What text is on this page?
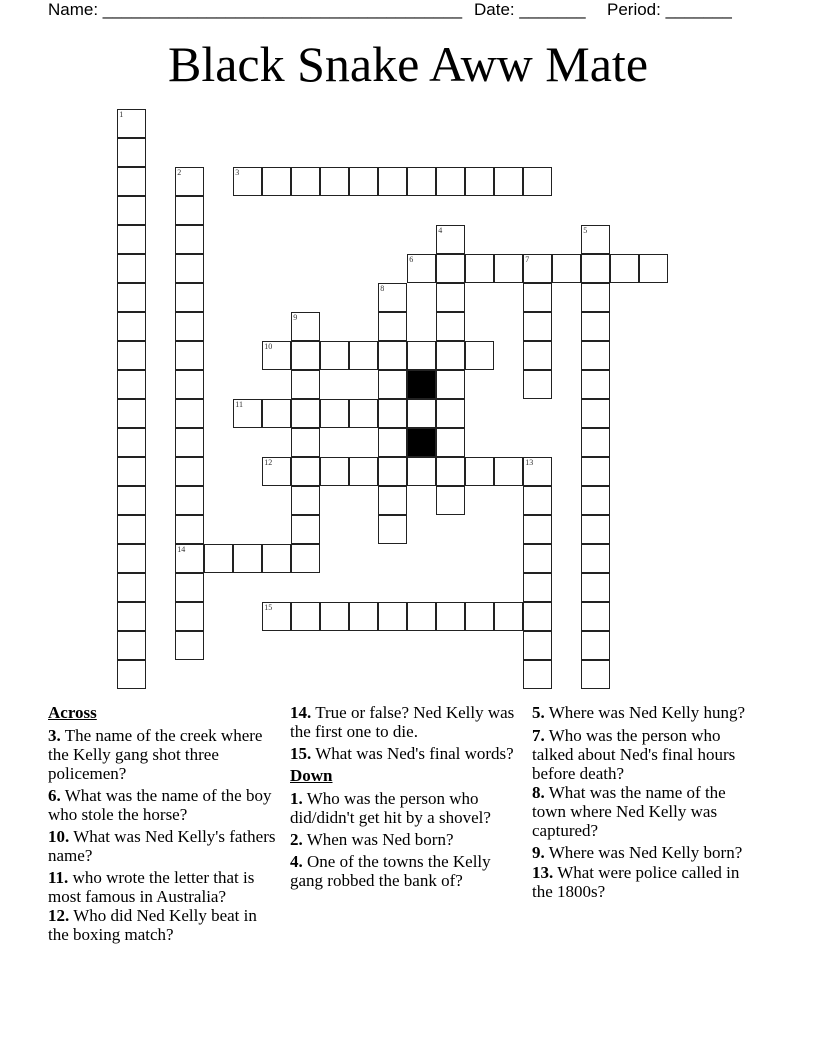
Name: ______________________________________ Date: _______ Period: _______
Black Snake Aww Mate
1
2
14
3
4	5
6	7
8
9
10
11
12	13
15
Across
3. The name of the creek where the Kelly gang shot three policemen?
6. What was the name of the boy who stole the horse?
10. What was Ned Kelly's fathers name?
11. who wrote the letter that is most famous in Australia?
12. Who did Ned Kelly beat in the boxing match?
14. True or false? Ned Kelly was the first one to die.
15. What was Ned's final words?
Down
1. Who was the person who did/didn't get hit by a shovel?
2. When was Ned born?
4. One of the towns the Kelly gang robbed the bank of?
5. Where was Ned Kelly hung?
7. Who was the person who talked about Ned's final hours before death?
8. What was the name of the town where Ned Kelly was captured?
9. Where was Ned Kelly born?
13. What were police called in the 1800s?
